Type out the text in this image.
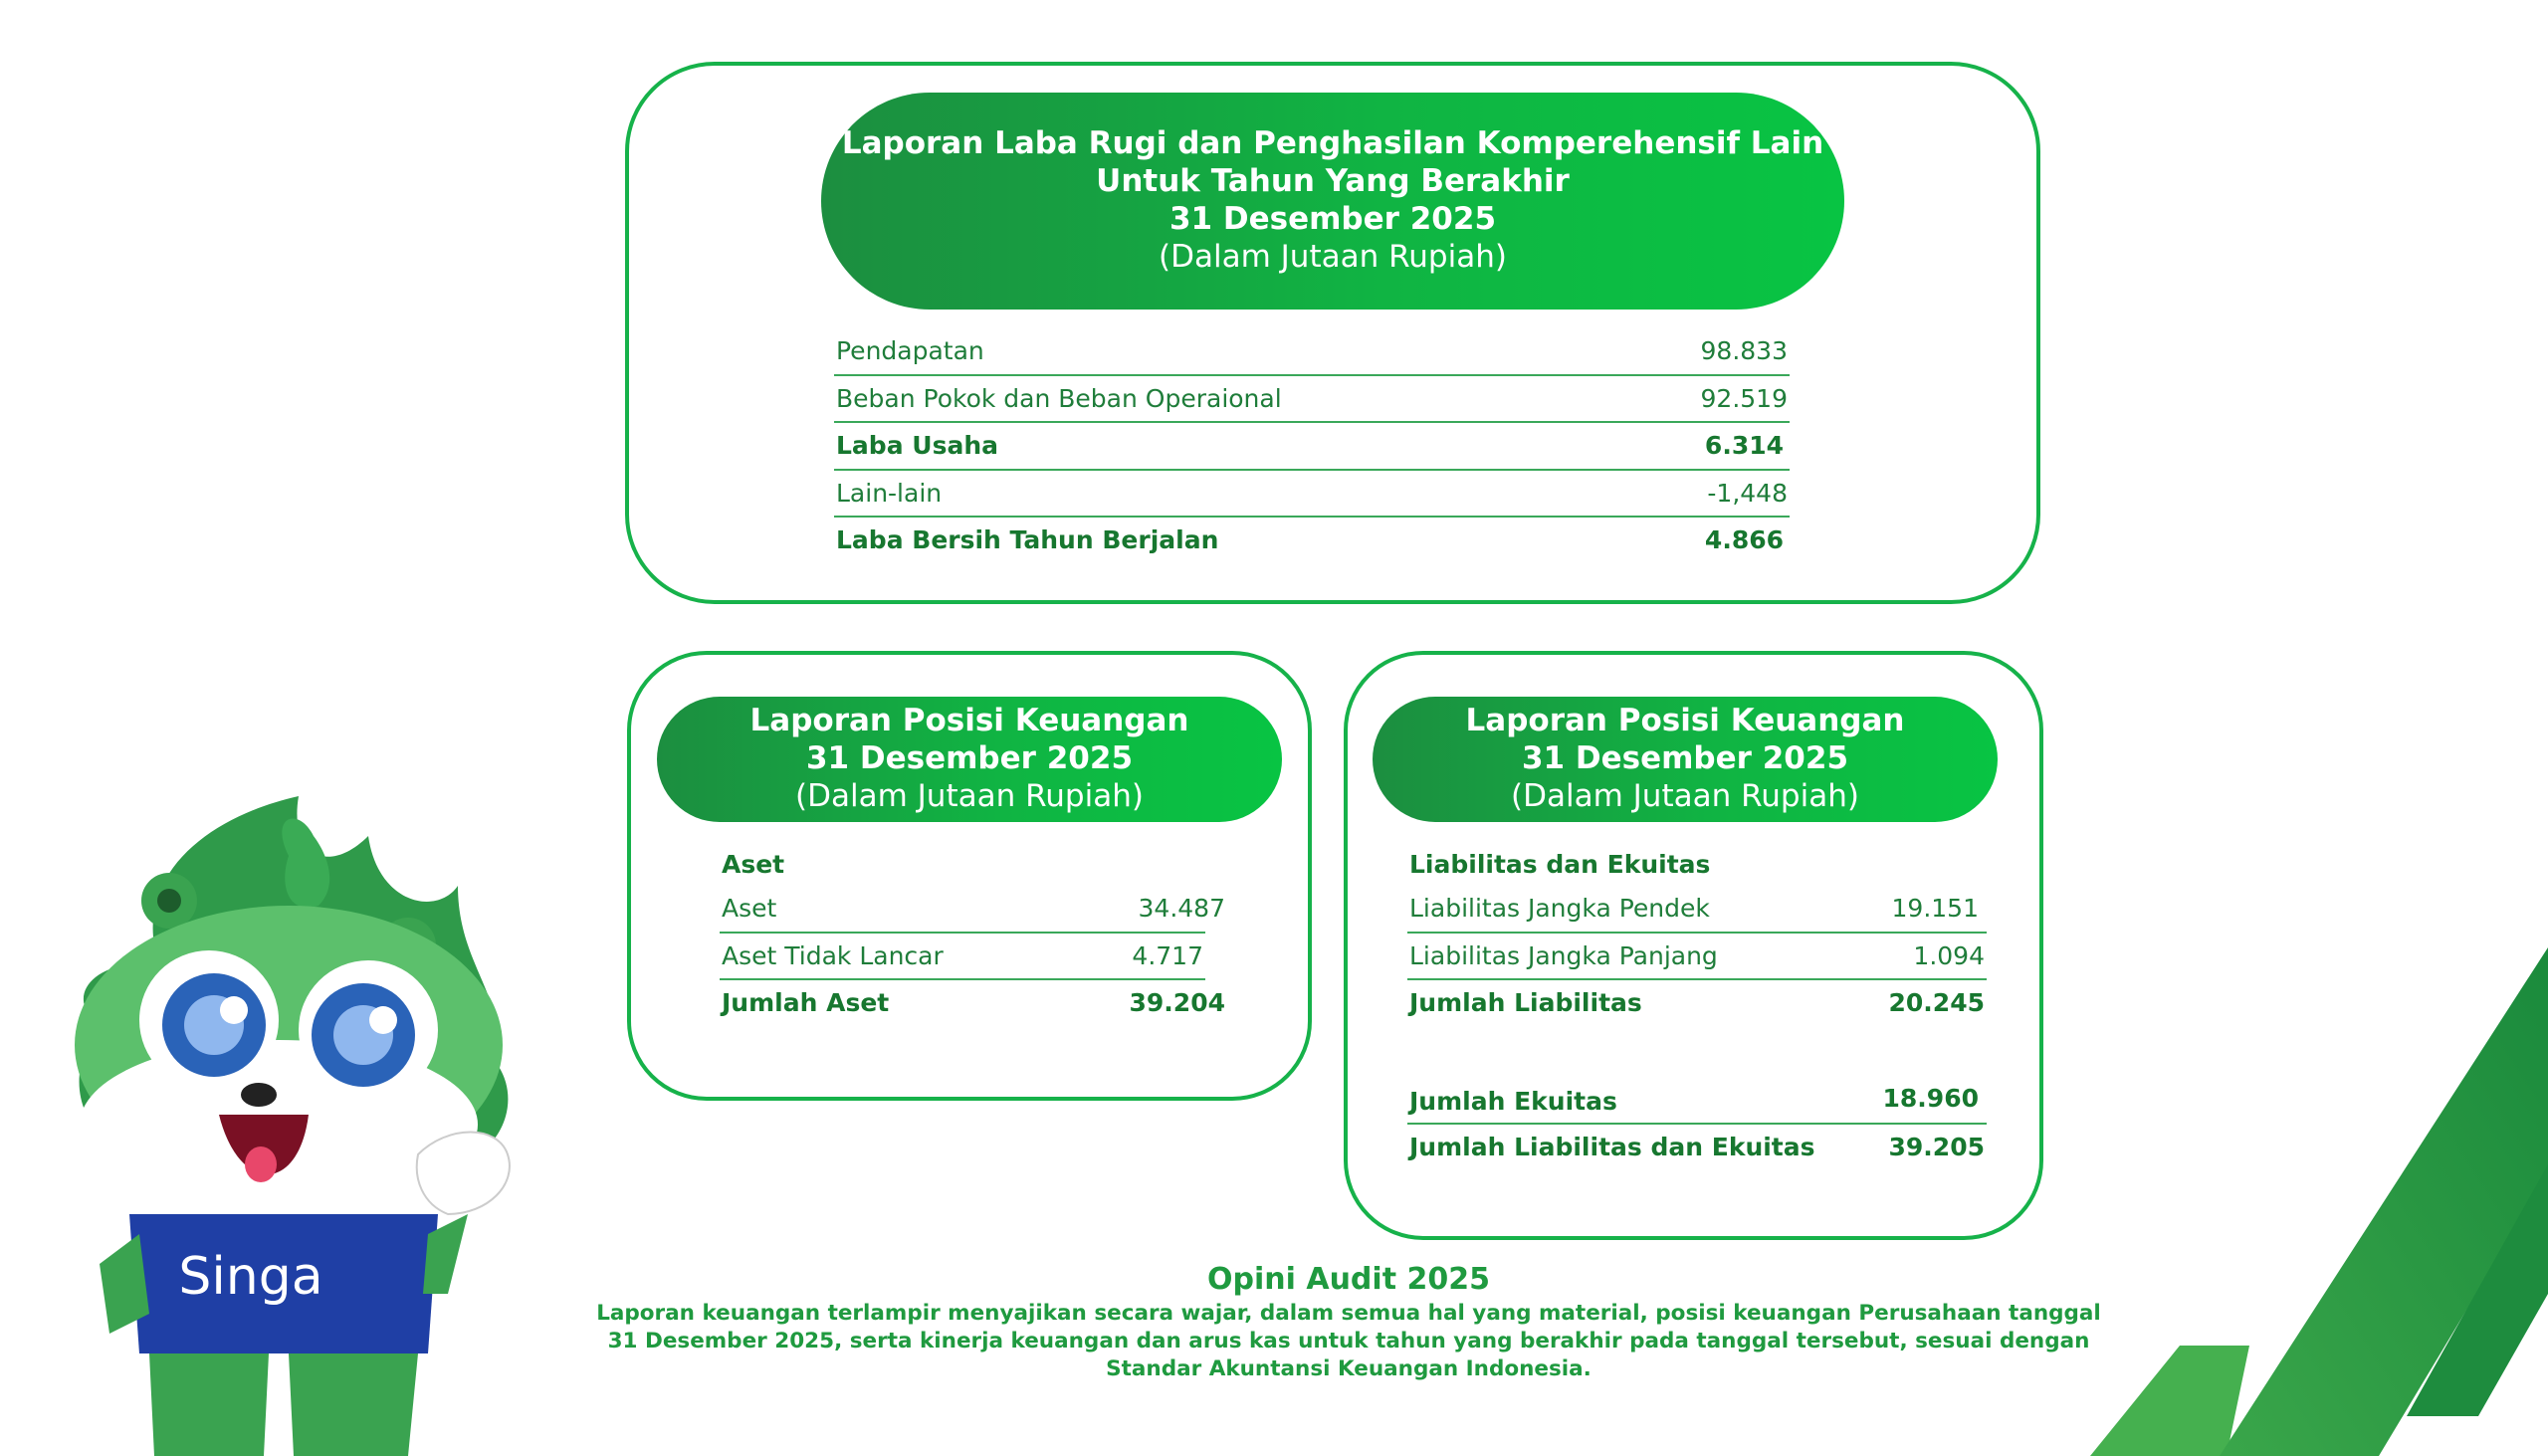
Laporan Laba Rugi dan Penghasilan Komperehensif Lain
Untuk Tahun Yang Berakhir
31 Desember 2025
(Dalam Jutaan Rupiah)
Pendapatan	98.833
Beban Pokok dan Beban Operaional	92.519
Laba Usaha	6.314
Lain-lain	-1,448
Laba Bersih Tahun Berjalan	4.866
Laporan Posisi Keuangan
31 Desember 2025
(Dalam Jutaan Rupiah)
Aset
Aset	34.487
Aset Tidak Lancar	4.717
Jumlah Aset	39.204
Laporan Posisi Keuangan
31 Desember 2025
(Dalam Jutaan Rupiah)
Liabilitas dan Ekuitas
Liabilitas Jangka Pendek	19.151
Liabilitas Jangka Panjang	1.094
Jumlah Liabilitas	20.245
Jumlah Ekuitas	18.960
Jumlah Liabilitas dan Ekuitas	39.205
Opini Audit 2025
Laporan keuangan terlampir menyajikan secara wajar, dalam semua hal yang material, posisi keuangan Perusahaan tanggal 31 Desember 2025, serta kinerja keuangan dan arus kas untuk tahun yang berakhir pada tanggal tersebut, sesuai dengan Standar Akuntansi Keuangan Indonesia.
Singa
